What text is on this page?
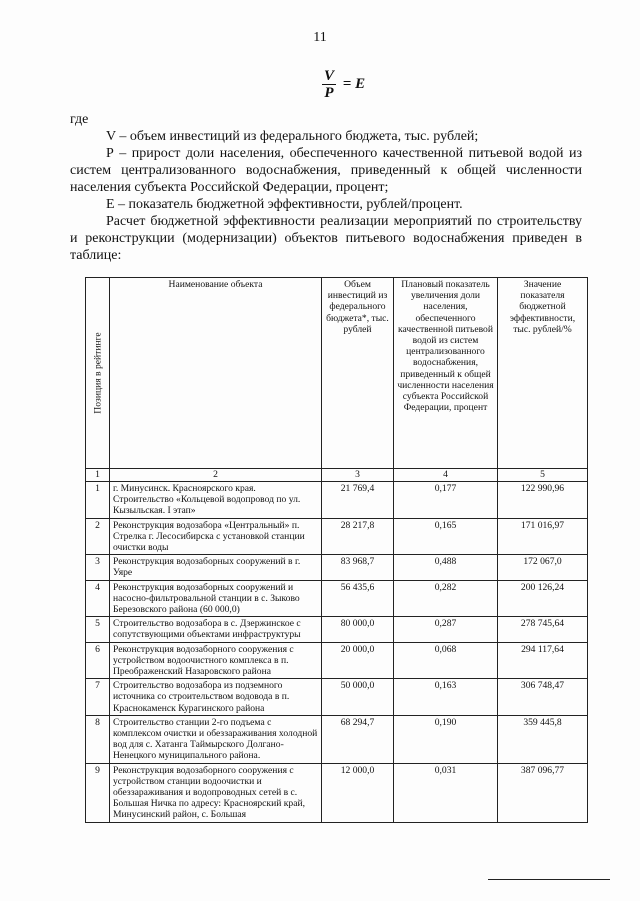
11
$\frac{V}{P} = E$
где
V – объем инвестиций из федерального бюджета, тыс. рублей;
Р – прирост доли населения, обеспеченного качественной питьевой водой из систем централизованного водоснабжения, приведенный к общей численности населения субъекта Российской Федерации, процент;
Е – показатель бюджетной эффективности, рублей/процент.
Расчет бюджетной эффективности реализации мероприятий по строительству и реконструкции (модернизации) объектов питьевого водоснабжения приведен в таблице:
Позиция в рейтинге	Наименование объекта	Объем инвестиций из федерального бюджета*, тыс. рублей	Плановый показатель увеличения доли населения, обеспеченного качественной питьевой водой из систем централизованного водоснабжения, приведенный к общей численности населения субъекта Российской Федерации, процент	Значение показателя бюджетной эффективности, тыс. рублей/%
1	2	3	4	5
1	г. Минусинск. Красноярского края. Строительство «Кольцевой водопровод по ул. Кызыльская. I этап»	21 769,4	0,177	122 990,96
2	Реконструкция водозабора «Центральный» п. Стрелка г. Лесосибирска с установкой станции очистки воды	28 217,8	0,165	171 016,97
3	Реконструкция водозаборных сооружений в г. Уяре	83 968,7	0,488	172 067,0
4	Реконструкция водозаборных сооружений и насосно-фильтровальной станции в с. Зыково Березовского района (60 000,0)	56 435,6	0,282	200 126,24
5	Строительство водозабора в с. Дзержинское с сопутствующими объектами инфраструктуры	80 000,0	0,287	278 745,64
6	Реконструкция водозаборного сооружения с устройством водоочистного комплекса в п. Преображенский Назаровского района	20 000,0	0,068	294 117,64
7	Строительство водозабора из подземного источника со строительством водовода в п. Краснокаменск Курагинского района	50 000,0	0,163	306 748,47
8	Строительство станции 2-го подъема с комплексом очистки и обеззараживания холодной вод для с. Хатанга Таймырского Долгано-Ненецкого муниципального района.	68 294,7	0,190	359 445,8
9	Реконструкция водозаборного сооружения с устройством станции водоочистки и обеззараживания и водопроводных сетей в с. Большая Ничка по адресу: Красноярский край, Минусинский район, с. Большая	12 000,0	0,031	387 096,77
